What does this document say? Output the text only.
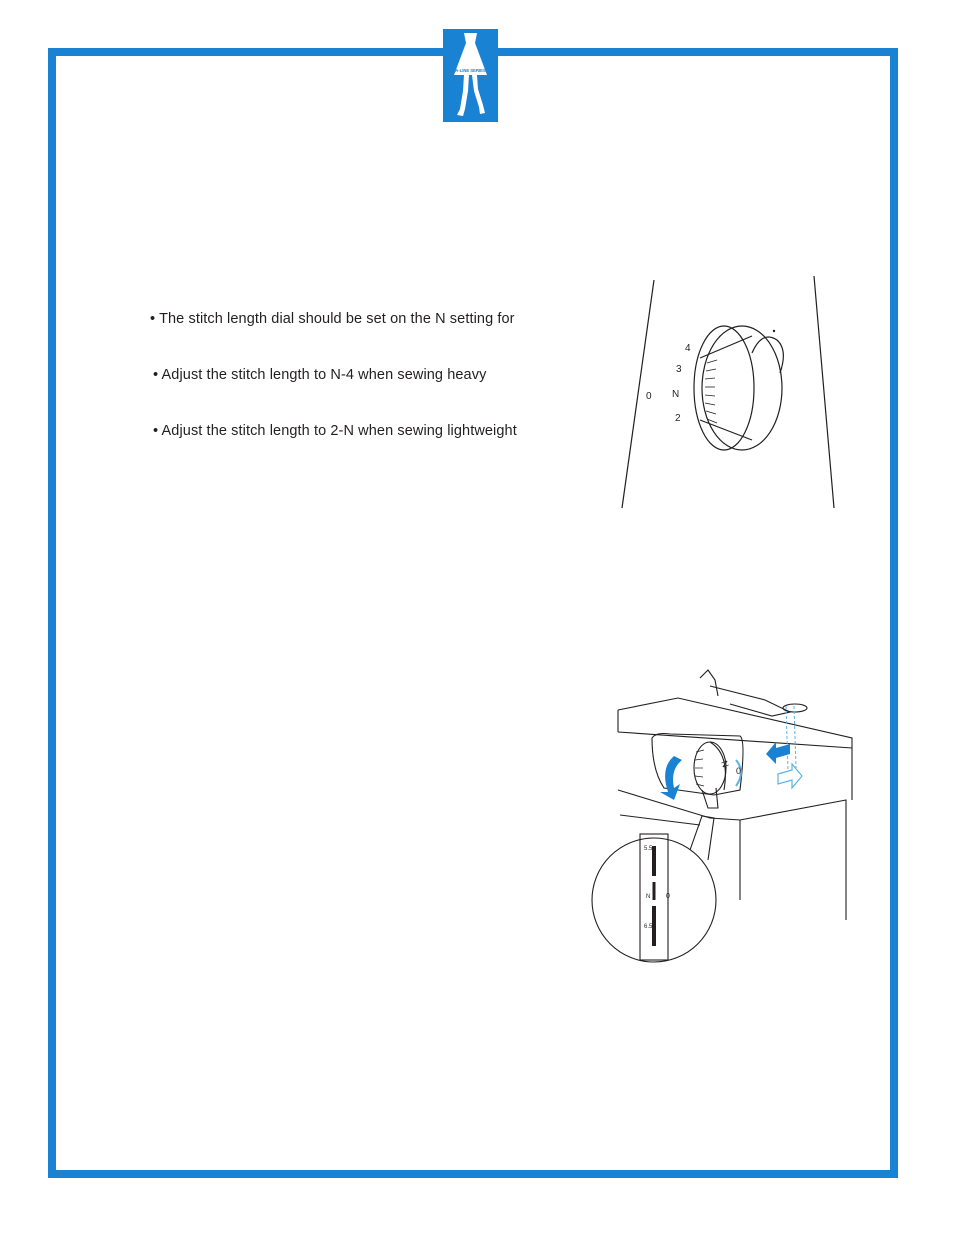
A-LINE SERIES
• The stitch length dial should be set on the N setting for
• Adjust the stitch length to N-4 when sewing heavy
• Adjust the stitch length to 2-N when sewing lightweight
4
3
N
2
0
N
0
5.5
N 0
6.5
